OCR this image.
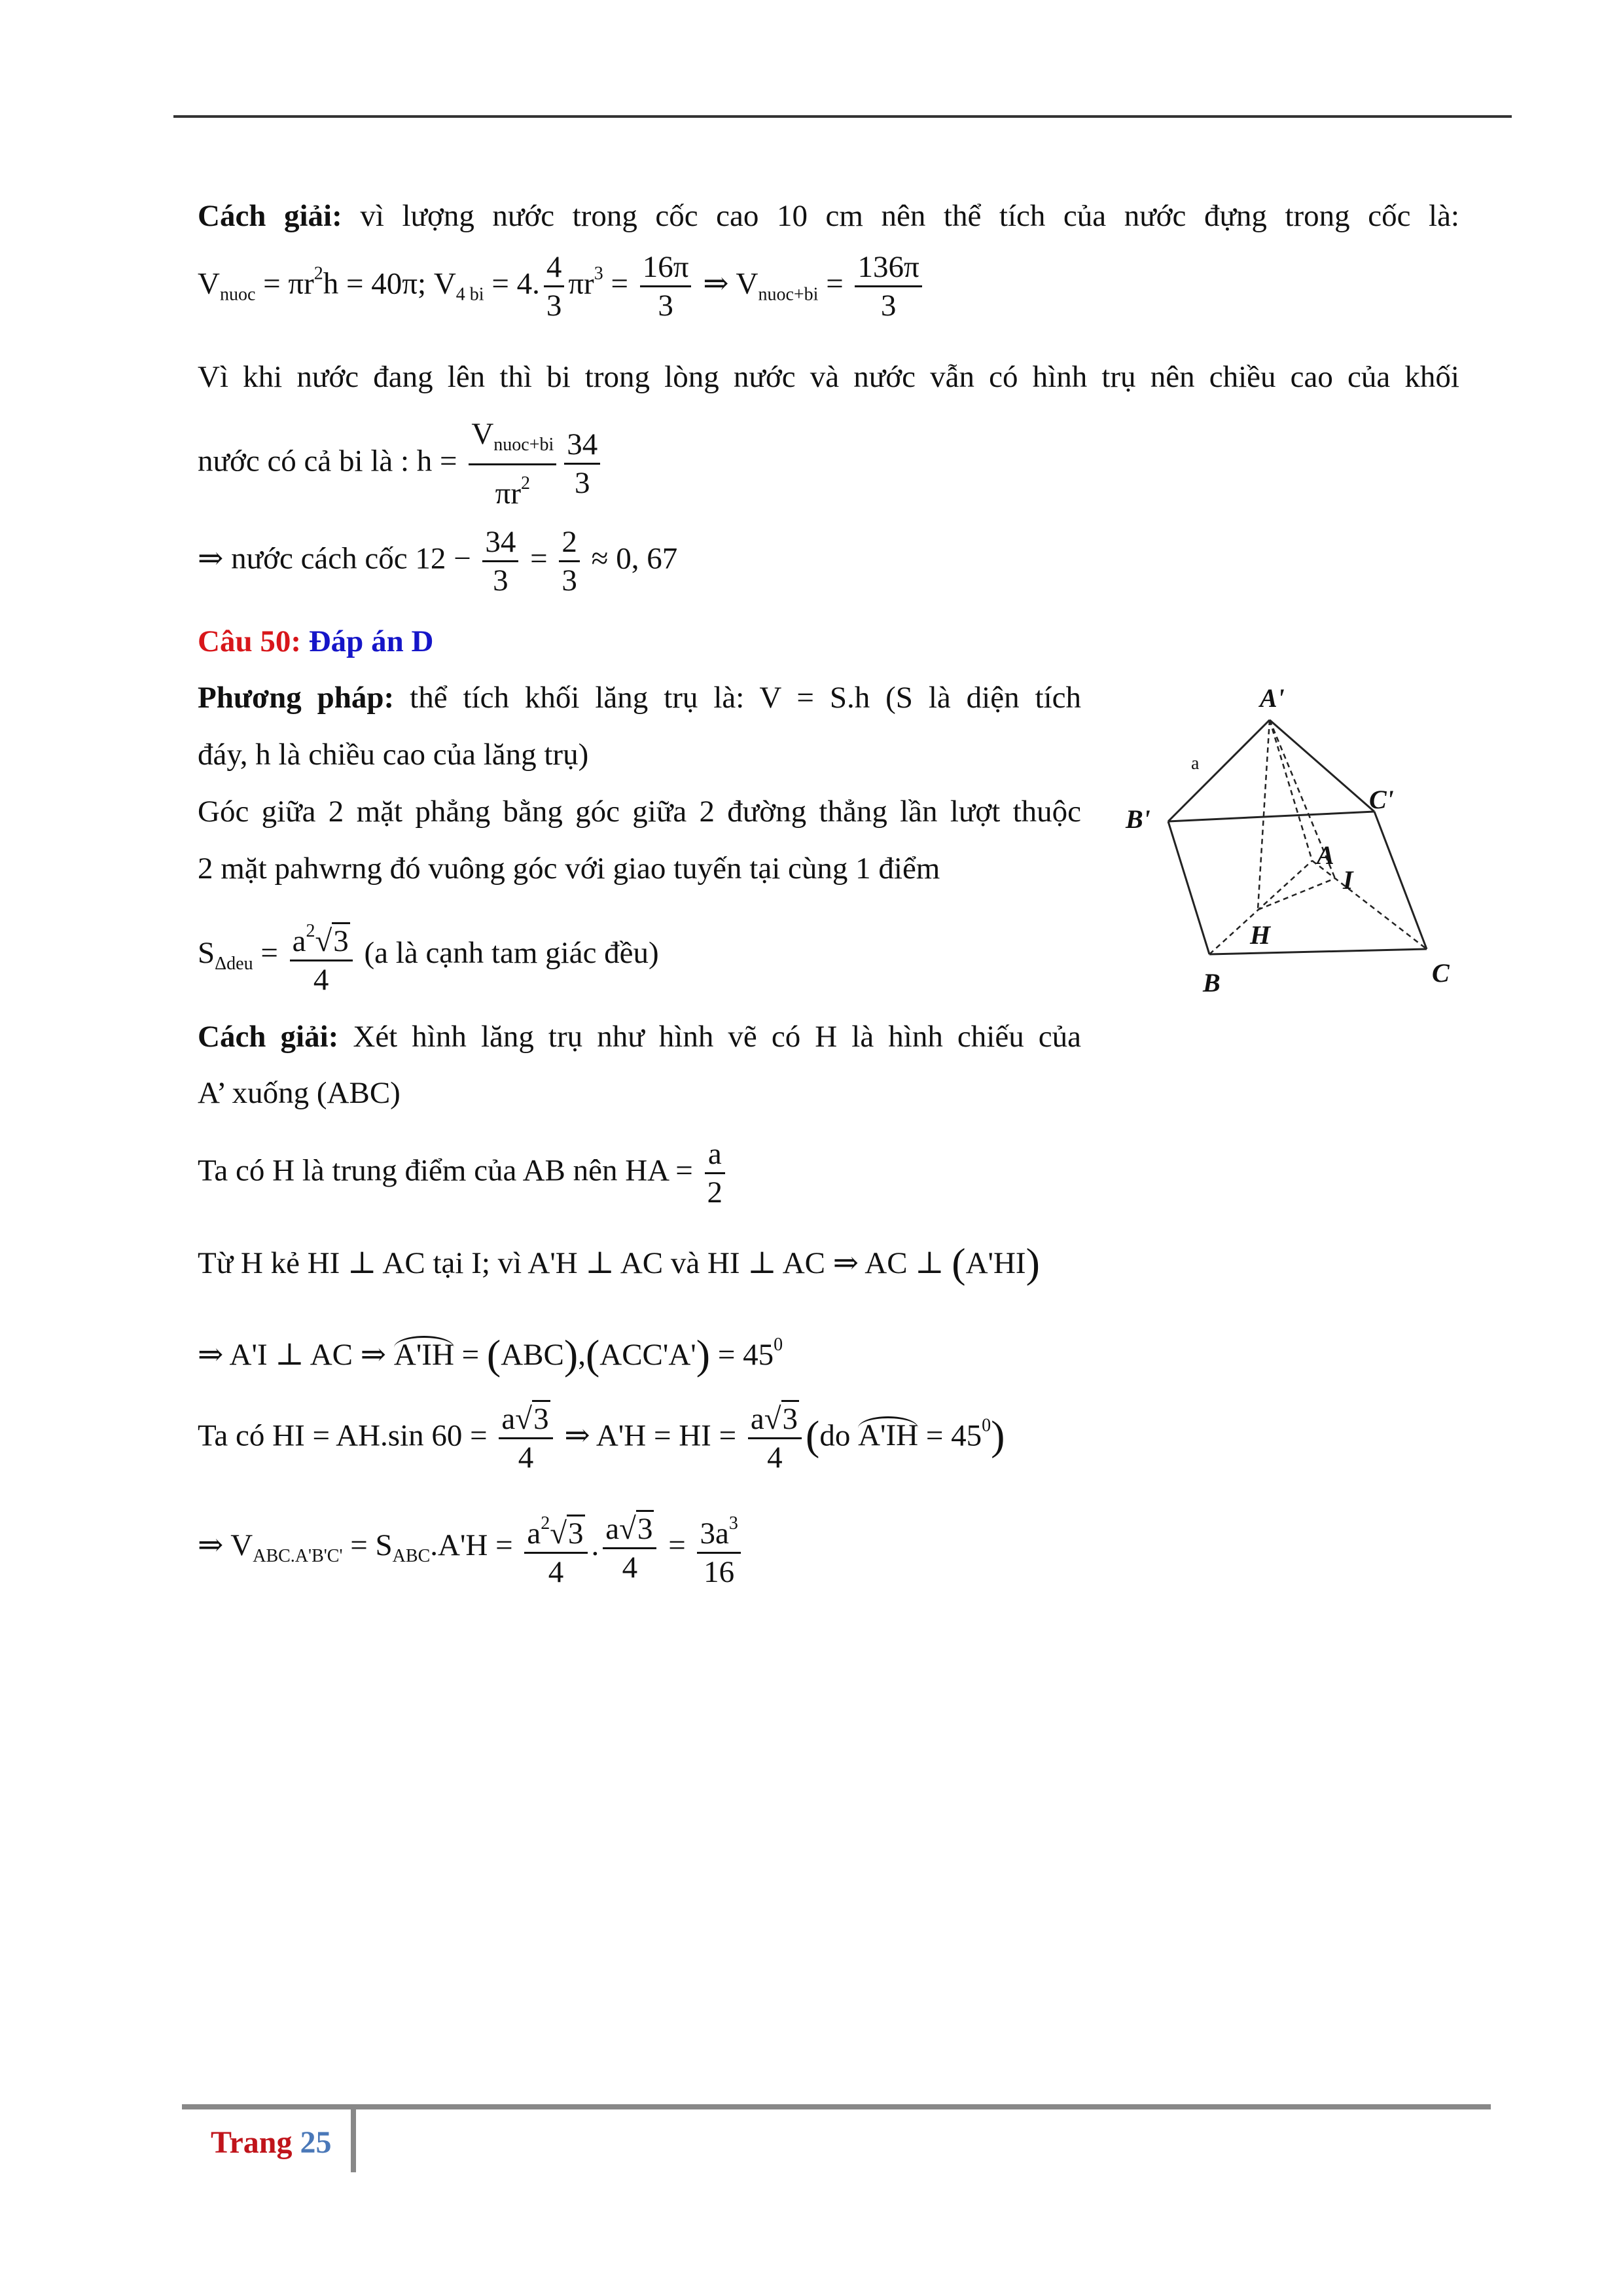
Cách giải: vì lượng nước trong cốc cao 10 cm nên thể tích của nước đựng trong cốc là:
$V_{nuoc} = \pi r^2h = 40\pi$; $V_{4 bi} = 4$. $\frac{4}{3} \pi r^3 = \frac{16\pi}{3}$ ⇒ $V_{nuoc+bi} = \frac{136\pi}{3}$
Vì khi nước đang lên thì bi trong lòng nước và nước vẫn có hình trụ nên chiều cao của khối
nước có cả bi là : $h = \frac{V_{nuoc+bi}}{\pi r^2} \frac{34}{3}$
⇒ nước cách cốc $12 - \frac{34}{3} = \frac{2}{3} \approx 0$, 67
Câu 50: Đáp án D
Phương pháp: thể tích khối lăng trụ là: V = S.h (S là diện tích
đáy, h là chiều cao của lăng trụ)
Góc giữa 2 mặt phẳng bằng góc giữa 2 đường thẳng lần lượt thuộc
2 mặt pahwrng đó vuông góc với giao tuyến tại cùng 1 điểm
$S_{\Delta deu} = \frac{a^2√3}{4} (a$ là cạnh tam giác đều)
Cách giải: Xét hình lăng trụ như hình vẽ có H là hình chiếu của
A’ xuống (ABC)
Ta có H là trung điểm của AB nên HA = $\frac{a}{2}$
Từ H kẻ HI ⊥ AC tại I; vì A'H ⊥ AC và HI ⊥ AC ⇒ AC ⊥ (A'HI)
⇒ A'I ⊥ AC ⇒ $A'IH = (ABC),(ACC'A') = 45^0$
Ta có HI = AH.sin $60 = \frac{a√3}{4}$ ⇒ A'H = HI = $\frac{a√3}{4} (do$ $A'IH = 45^0$)
⇒ $V_{ABC.A'B'C'} = S_{ABC}.A'H = \frac{a^2√3}{4}$ . $\frac{a√3}{4} = \frac{3a^3}{16}$
A'
B'
C'
A
B	C
H
I
a
Trang 25
